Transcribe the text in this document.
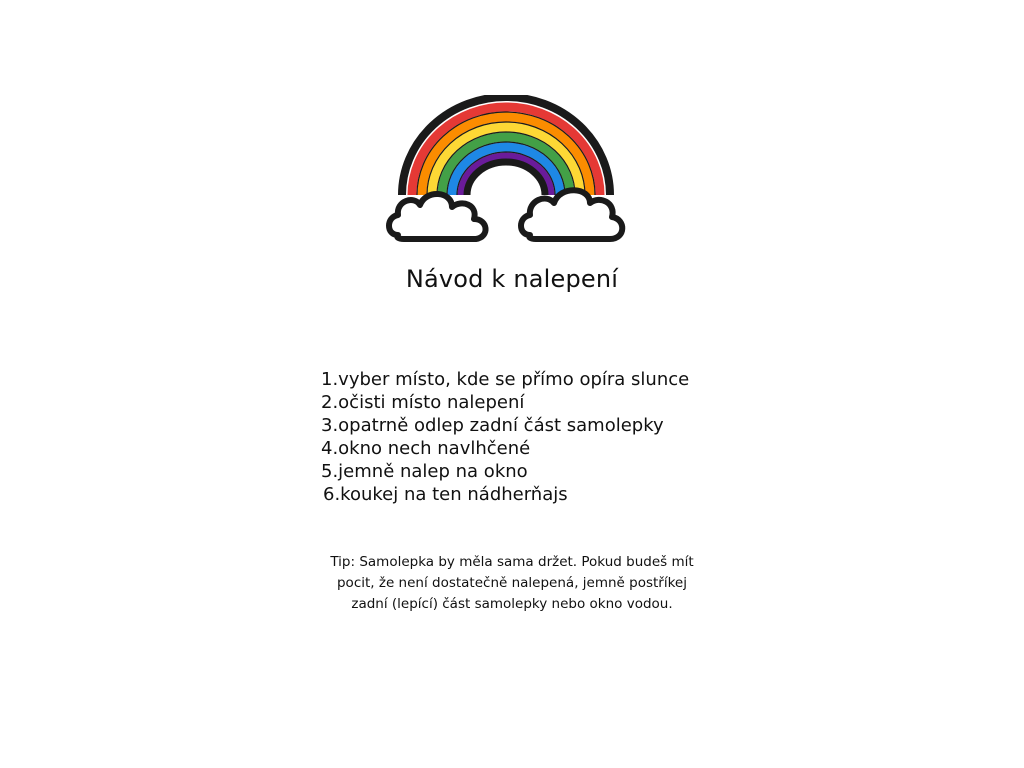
Návod k nalepení
1.vyber místo, kde se přímo opíra slunce
2.očisti místo nalepení
3.opatrně odlep zadní část samolepky
4.okno nech navlhčené
5.jemně nalep na okno
6.koukej na ten nádherňajs
Tip: Samolepka by měla sama držet. Pokud budeš mít
pocit, že není dostatečně nalepená, jemně postříkej
zadní (lepící) část samolepky nebo okno vodou.
